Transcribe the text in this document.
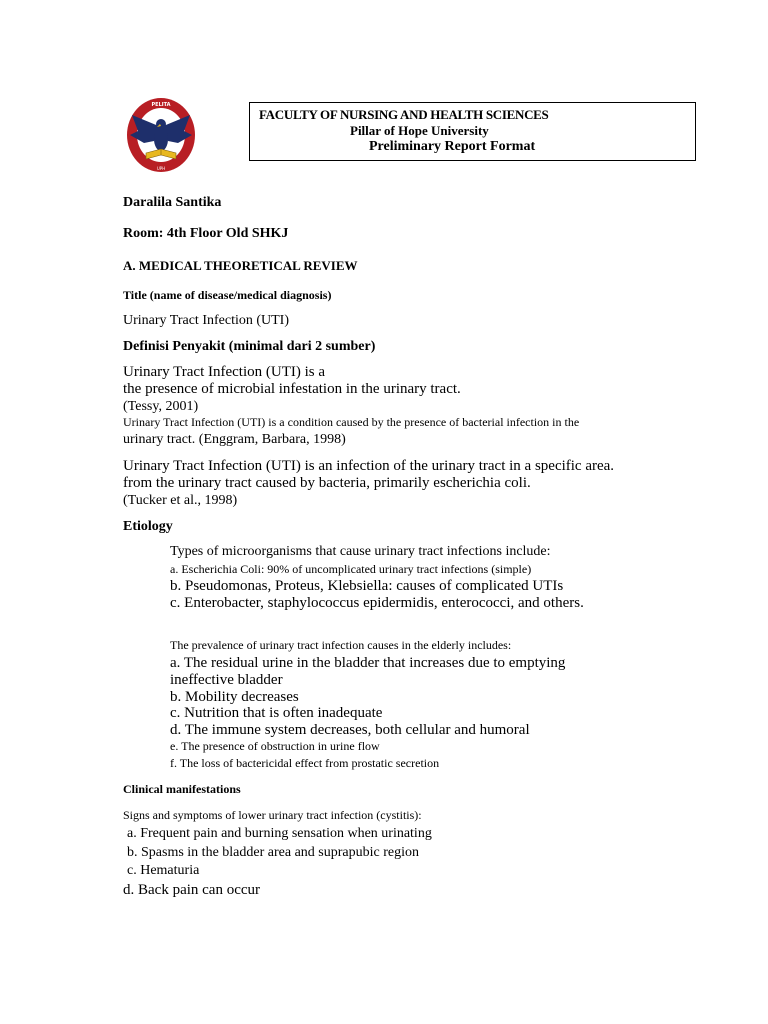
PELITA
UPH
FACULTY OF NURSING AND HEALTH SCIENCES
Pillar of Hope University
Preliminary Report Format
Daralila Santika
Room: 4th Floor Old SHKJ
A. MEDICAL THEORETICAL REVIEW
Title (name of disease/medical diagnosis)
Urinary Tract Infection (UTI)
Definisi Penyakit (minimal dari 2 sumber)
Urinary Tract Infection (UTI) is a
the presence of microbial infestation in the urinary tract.
(Tessy, 2001)
Urinary Tract Infection (UTI) is a condition caused by the presence of bacterial infection in the
urinary tract. (Enggram, Barbara, 1998)
Urinary Tract Infection (UTI) is an infection of the urinary tract in a specific area.
from the urinary tract caused by bacteria, primarily escherichia coli.
(Tucker et al., 1998)
Etiology
Types of microorganisms that cause urinary tract infections include:
a. Escherichia Coli: 90% of uncomplicated urinary tract infections (simple)
b. Pseudomonas, Proteus, Klebsiella: causes of complicated UTIs
c. Enterobacter, staphylococcus epidermidis, enterococci, and others.
The prevalence of urinary tract infection causes in the elderly includes:
a. The residual urine in the bladder that increases due to emptying
ineffective bladder
b. Mobility decreases
c. Nutrition that is often inadequate
d. The immune system decreases, both cellular and humoral
e. The presence of obstruction in urine flow
f. The loss of bactericidal effect from prostatic secretion
Clinical manifestations
Signs and symptoms of lower urinary tract infection (cystitis):
a. Frequent pain and burning sensation when urinating
b. Spasms in the bladder area and suprapubic region
c. Hematuria
d. Back pain can occur
